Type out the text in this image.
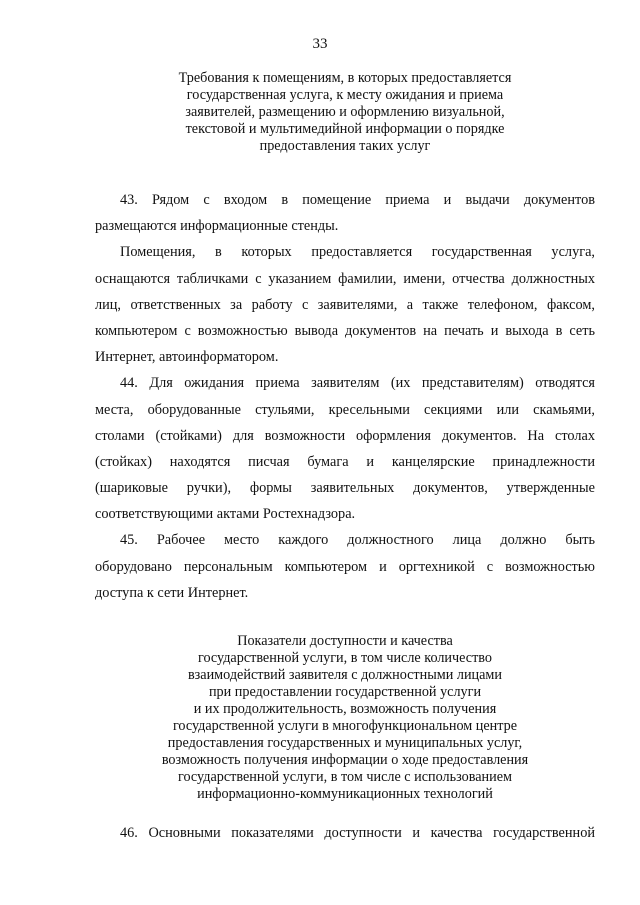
33
Требования к помещениям, в которых предоставляется
государственная услуга, к месту ожидания и приема
заявителей, размещению и оформлению визуальной,
текстовой и мультимедийной информации о порядке
предоставления таких услуг
43. Рядом с входом в помещение приема и выдачи документов
размещаются информационные стенды.
Помещения, в которых предоставляется государственная услуга,
оснащаются табличками с указанием фамилии, имени, отчества должностных
лиц, ответственных за работу с заявителями, а также телефоном, факсом,
компьютером с возможностью вывода документов на печать и выхода в сеть
Интернет, автоинформатором.
44. Для ожидания приема заявителям (их представителям) отводятся
места, оборудованные стульями, кресельными секциями или скамьями,
столами (стойками) для возможности оформления документов. На столах
(стойках) находятся писчая бумага и канцелярские принадлежности
(шариковые ручки), формы заявительных документов, утвержденные
соответствующими актами Ростехнадзора.
45. Рабочее место каждого должностного лица должно быть
оборудовано персональным компьютером и оргтехникой с возможностью
доступа к сети Интернет.
Показатели доступности и качества
государственной услуги, в том числе количество
взаимодействий заявителя с должностными лицами
при предоставлении государственной услуги
и их продолжительность, возможность получения
государственной услуги в многофункциональном центре
предоставления государственных и муниципальных услуг,
возможность получения информации о ходе предоставления
государственной услуги, в том числе с использованием
информационно-коммуникационных технологий
46. Основными показателями доступности и качества государственной
